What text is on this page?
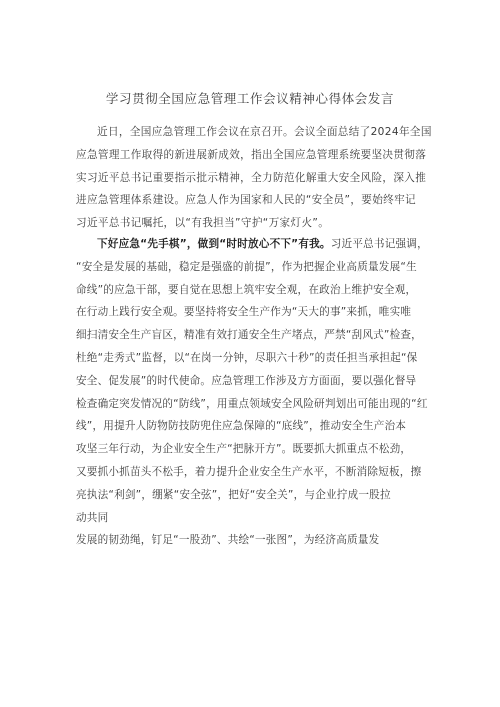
学习贯彻全国应急管理工作会议精神心得体会发言
近日，全国应急管理工作会议在京召开。会议全面总结了2024年全国
应急管理工作取得的新进展新成效，指出全国应急管理系统要坚决贯彻落
实习近平总书记重要指示批示精神，全力防范化解重大安全风险，深入推
进应急管理体系建设。应急人作为国家和人民的“安全员”，要始终牢记
习近平总书记嘱托，以“有我担当”守护“万家灯火”。
下好应急“先手棋”，做到“时时放心不下”有我。习近平总书记强调，
“安全是发展的基础，稳定是强盛的前提”，作为把握企业高质量发展“生
命线”的应急干部，要自觉在思想上筑牢安全观，在政治上维护安全观，
在行动上践行安全观。要坚持将安全生产作为“天大的事”来抓，唯实唯
细扫清安全生产盲区，精准有效打通安全生产堵点，严禁“刮风式”检查，
杜绝“走秀式”监督，以“在岗一分钟，尽职六十秒”的责任担当承担起“保
安全、促发展”的时代使命。应急管理工作涉及方方面面，要以强化督导
检查确定突发情况的“防线”，用重点领域安全风险研判划出可能出现的“红
线”，用提升人防物防技防兜住应急保障的“底线”，推动安全生产治本
攻坚三年行动，为企业安全生产“把脉开方”。既要抓大抓重点不松劲，
又要抓小抓苗头不松手，着力提升企业安全生产水平，不断消除短板，擦
亮执法“利剑”，绷紧“安全弦”，把好“安全关”，与企业拧成一股拉
动共同
发展的韧劲绳，钉足“一股劲”、共绘“一张图”，为经济高质量发
